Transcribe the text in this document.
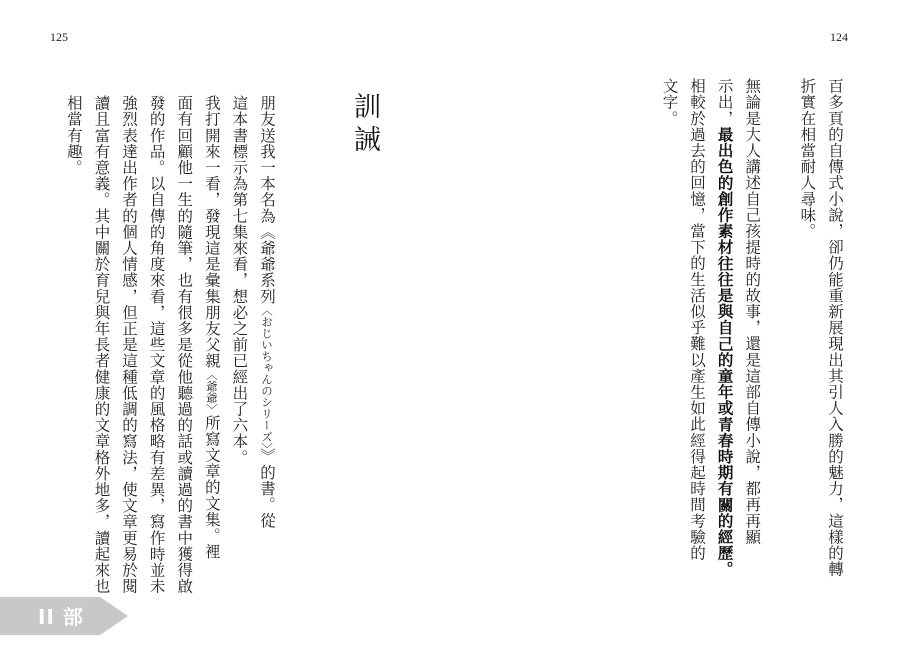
125
訓誡
朋友送我一本名為《爺爺系列〈おじいちゃんのシリーズ〉》的書。從
這本書標示為第七集來看，想必之前已經出了六本。
我打開來一看，發現這是彙集朋友父親〈爺爺〉所寫文章的文集。裡
面有回顧他一生的隨筆，也有很多是從他聽過的話或讀過的書中獲得啟
發的作品。以自傳的角度來看，這些文章的風格略有差異，寫作時並未
強烈表達出作者的個人情感，但正是這種低調的寫法，使文章更易於閱
讀且富有意義。其中關於育兒與年長者健康的文章格外地多，讀起來也
相當有趣。
II 部
124
百多頁的自傳式小說，卻仍能重新展現出其引人入勝的魅力，這樣的轉
折實在相當耐人尋味。

無論是大人講述自己孩提時的故事，還是這部自傳小說，都再再顯
示出，最出色的創作素材往往是與自己的童年或青春時期有關的經歷。
相較於過去的回憶，當下的生活似乎難以產生如此經得起時間考驗的
文字。
